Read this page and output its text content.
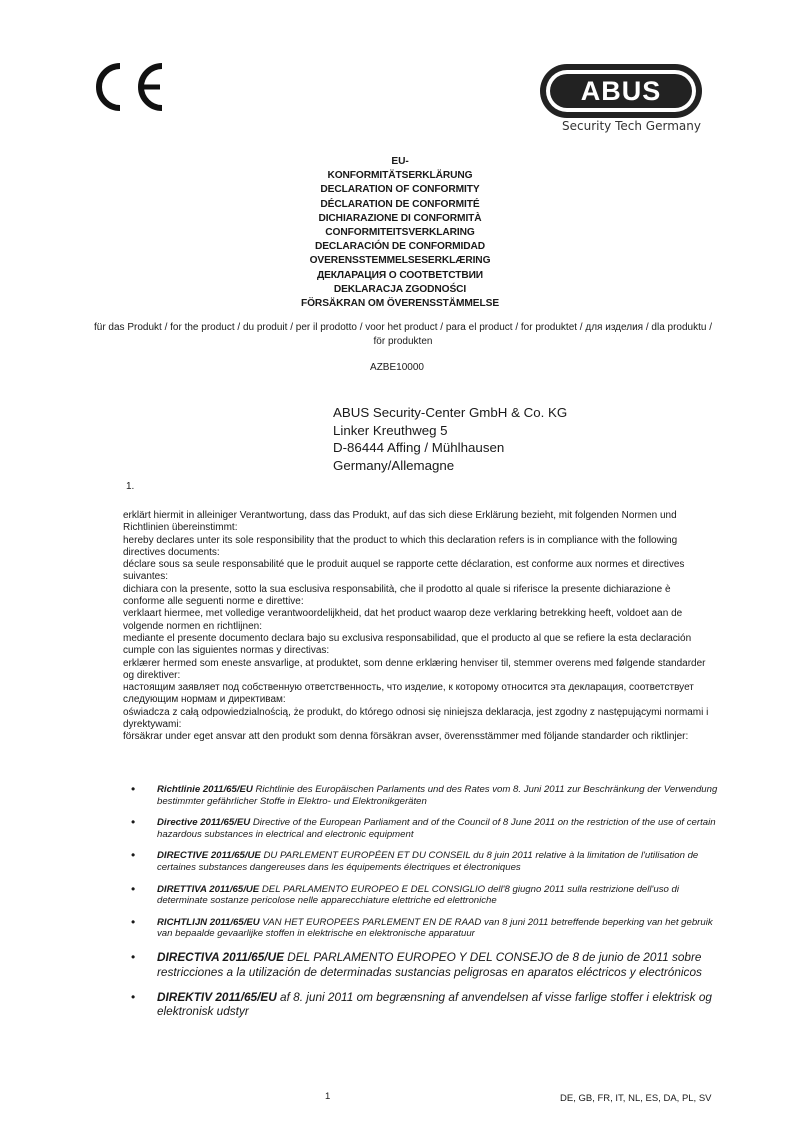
ABUS
Security Tech Germany
EU-
KONFORMITÄTSERKLÄRUNG
DECLARATION OF CONFORMITY
DÉCLARATION DE CONFORMITÉ
DICHIARAZIONE DI CONFORMITÀ
CONFORMITEITSVERKLARING
DECLARACIÓN DE CONFORMIDAD
OVERENSSTEMMELSESERKLÆRING
ДЕКЛАРАЦИЯ О СООТВЕТСТВИИ
DEKLARACJA ZGODNOŚCI
FÖRSÄKRAN OM ÖVERENSSTÄMMELSE
für das Produkt / for the product / du produit / per il prodotto / voor het product / para el product / for produktet / для изделия / dla produktu / för produkten
AZBE10000
ABUS Security-Center GmbH & Co. KG
Linker Kreuthweg 5
D-86444 Affing / Mühlhausen
Germany/Allemagne
1.
erklärt hiermit in alleiniger Verantwortung, dass das Produkt, auf das sich diese Erklärung bezieht, mit folgenden Normen und Richtlinien übereinstimmt:
hereby declares unter its sole responsibility that the product to which this declaration refers is in compliance with the following directives documents:
déclare sous sa seule responsabilité que le produit auquel se rapporte cette déclaration, est conforme aux normes et directives suivantes:
dichiara con la presente, sotto la sua esclusiva responsabilità, che il prodotto al quale si riferisce la presente dichiarazione è conforme alle seguenti norme e direttive:
verklaart hiermee, met volledige verantwoordelijkheid, dat het product waarop deze verklaring betrekking heeft, voldoet aan de volgende normen en richtlijnen:
mediante el presente documento declara bajo su exclusiva responsabilidad, que el producto al que se refiere la esta declaración cumple con las siguientes normas y directivas:
erklærer hermed som eneste ansvarlige, at produktet, som denne erklæring henviser til, stemmer overens med følgende standarder og direktiver:
настоящим заявляет под собственную ответственность, что изделие, к которому относится эта декларация, соответствует следующим нормам и директивам:
oświadcza z całą odpowiedzialnością, że produkt, do którego odnosi się niniejsza deklaracja, jest zgodny z następującymi normami i dyrektywami:
försäkrar under eget ansvar att den produkt som denna försäkran avser, överensstämmer med följande standarder och riktlinjer:
• Richtlinie 2011/65/EU Richtlinie des Europäischen Parlaments und des Rates vom 8. Juni 2011 zur Beschränkung der Verwendung bestimmter gefährlicher Stoffe in Elektro- und Elektronikgeräten
• Directive 2011/65/EU Directive of the European Parliament and of the Council of 8 June 2011 on the restriction of the use of certain hazardous substances in electrical and electronic equipment
• DIRECTIVE 2011/65/UE DU PARLEMENT EUROPÉEN ET DU CONSEIL du 8 juin 2011 relative à la limitation de l'utilisation de certaines substances dangereuses dans les équipements électriques et électroniques
• DIRETTIVA 2011/65/UE DEL PARLAMENTO EUROPEO E DEL CONSIGLIO dell'8 giugno 2011 sulla restrizione dell'uso di determinate sostanze pericolose nelle apparecchiature elettriche ed elettroniche
• RICHTLIJN 2011/65/EU VAN HET EUROPEES PARLEMENT EN DE RAAD van 8 juni 2011 betreffende beperking van het gebruik van bepaalde gevaarlijke stoffen in elektrische en elektronische apparatuur
• DIRECTIVA 2011/65/UE DEL PARLAMENTO EUROPEO Y DEL CONSEJO de 8 de junio de 2011 sobre restricciones a la utilización de determinadas sustancias peligrosas en aparatos eléctricos y electrónicos
• DIREKTIV 2011/65/EU af 8. juni 2011 om begrænsning af anvendelsen af visse farlige stoffer i elektrisk og elektronisk udstyr
1	DE, GB, FR, IT, NL, ES, DA, PL, SV
